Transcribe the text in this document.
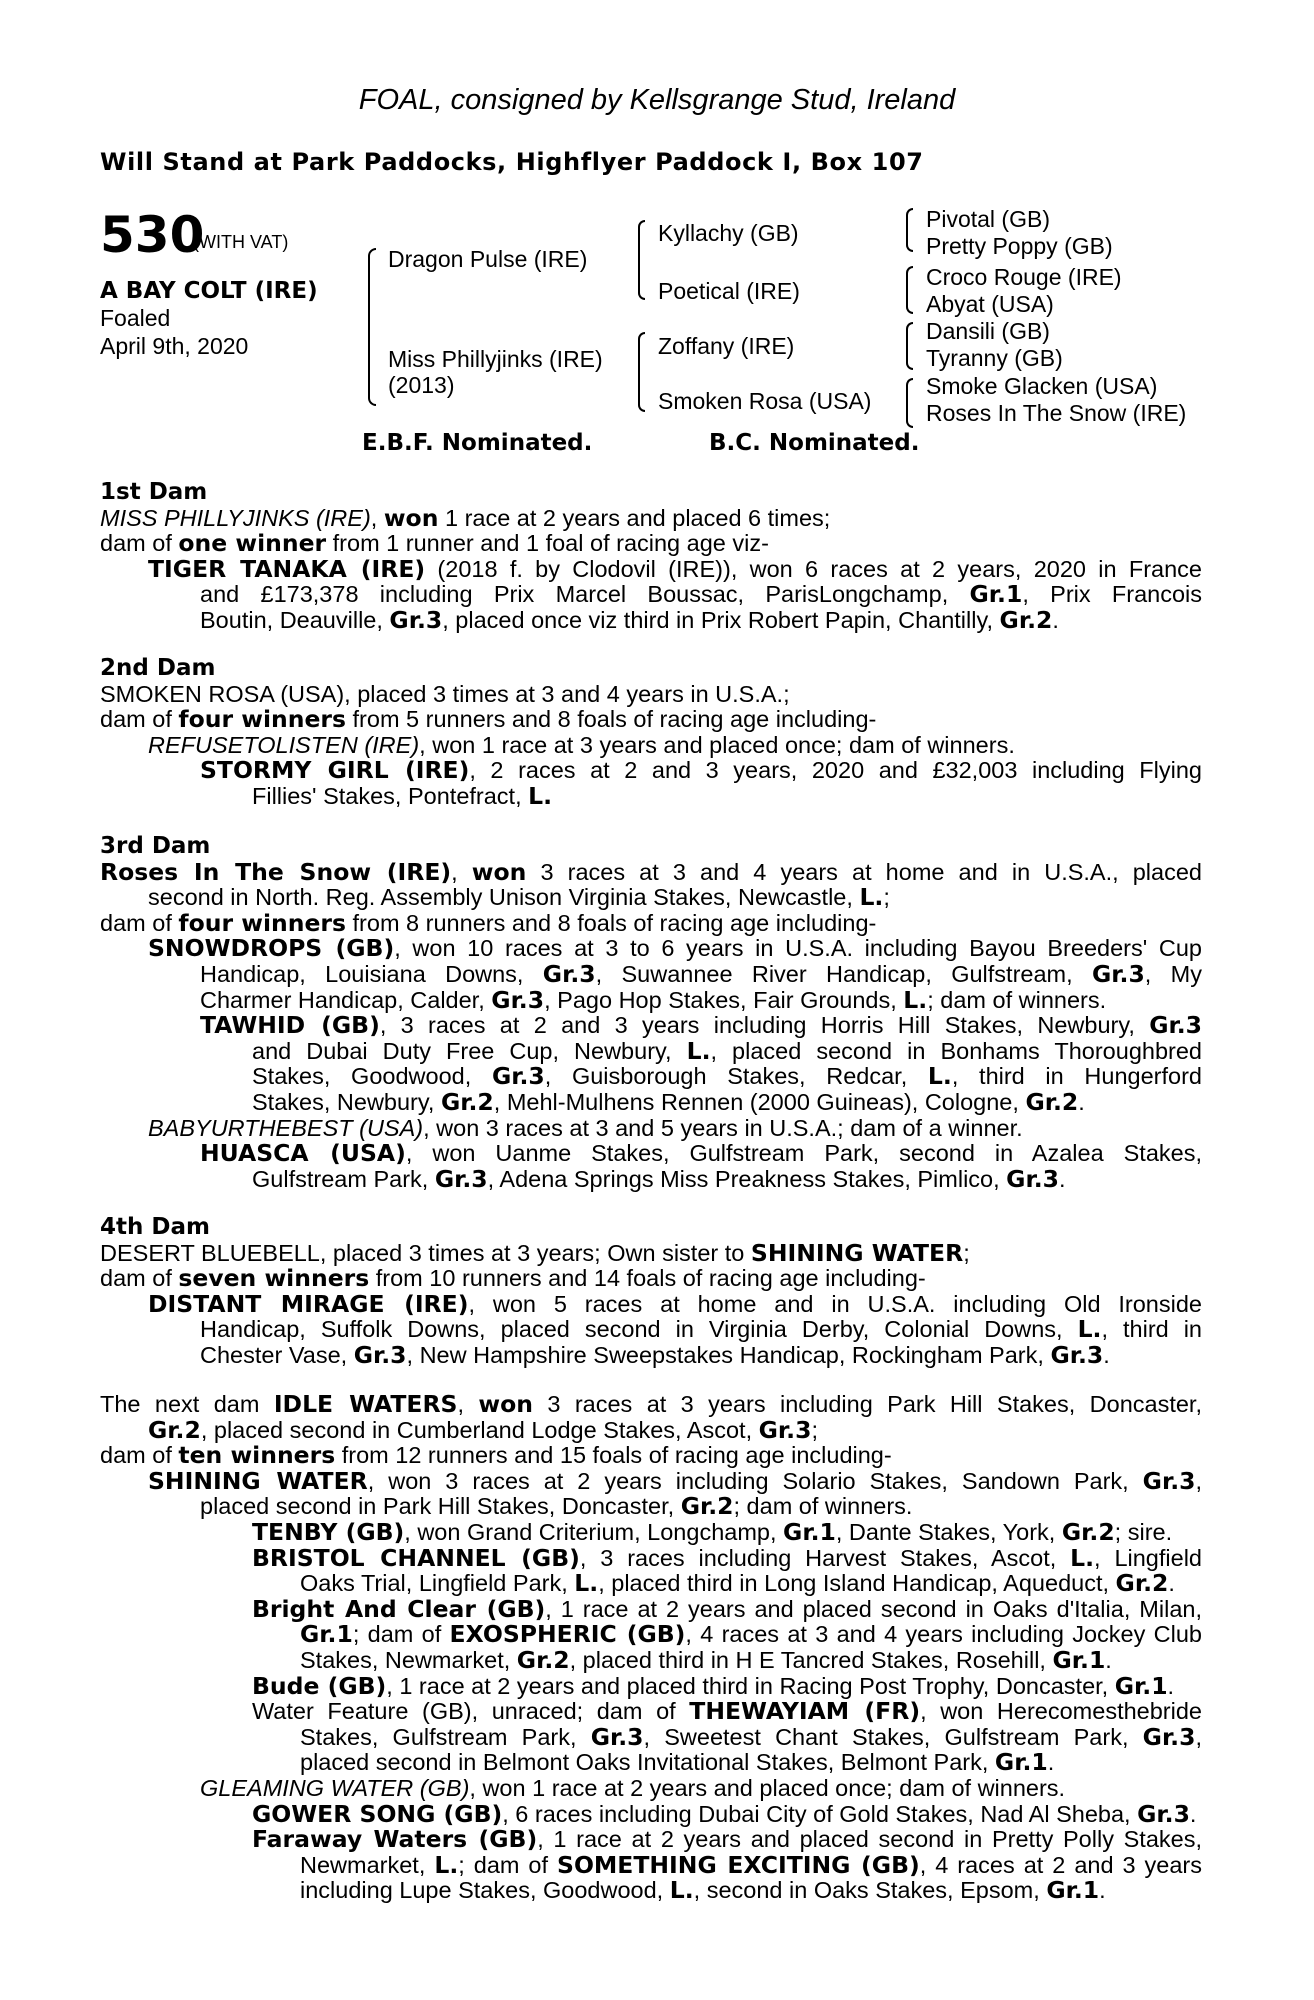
FOAL, consigned by Kellsgrange Stud, Ireland
Will Stand at Park Paddocks, Highflyer Paddock I, Box 107
530
(WITH VAT)
A BAY COLT (IRE)
Foaled
April 9th, 2020
Dragon Pulse (IRE)
Miss Phillyjinks (IRE)
(2013)
Kyllachy (GB)
Poetical (IRE)
Zoffany (IRE)
Smoken Rosa (USA)
Pivotal (GB)
Pretty Poppy (GB)
Croco Rouge (IRE)
Abyat (USA)
Dansili (GB)
Tyranny (GB)
Smoke Glacken (USA)
Roses In The Snow (IRE)
E.B.F. Nominated.	B.C. Nominated.
1st Dam
MISS PHILLYJINKS (IRE), won 1 race at 2 years and placed 6 times;
dam of one winner from 1 runner and 1 foal of racing age viz-
TIGER TANAKA (IRE) (2018 f. by Clodovil (IRE)), won 6 races at 2 years, 2020 in France
and £173,378 including Prix Marcel Boussac, ParisLongchamp, Gr.1, Prix Francois
Boutin, Deauville, Gr.3, placed once viz third in Prix Robert Papin, Chantilly, Gr.2.
2nd Dam
SMOKEN ROSA (USA), placed 3 times at 3 and 4 years in U.S.A.;
dam of four winners from 5 runners and 8 foals of racing age including-
REFUSETOLISTEN (IRE), won 1 race at 3 years and placed once; dam of winners.
STORMY GIRL (IRE), 2 races at 2 and 3 years, 2020 and £32,003 including Flying
Fillies' Stakes, Pontefract, L.
3rd Dam
Roses In The Snow (IRE), won 3 races at 3 and 4 years at home and in U.S.A., placed
second in North. Reg. Assembly Unison Virginia Stakes, Newcastle, L.;
dam of four winners from 8 runners and 8 foals of racing age including-
SNOWDROPS (GB), won 10 races at 3 to 6 years in U.S.A. including Bayou Breeders' Cup
Handicap, Louisiana Downs, Gr.3, Suwannee River Handicap, Gulfstream, Gr.3, My
Charmer Handicap, Calder, Gr.3, Pago Hop Stakes, Fair Grounds, L.; dam of winners.
TAWHID (GB), 3 races at 2 and 3 years including Horris Hill Stakes, Newbury, Gr.3
and Dubai Duty Free Cup, Newbury, L., placed second in Bonhams Thoroughbred
Stakes, Goodwood, Gr.3, Guisborough Stakes, Redcar, L., third in Hungerford
Stakes, Newbury, Gr.2, Mehl-Mulhens Rennen (2000 Guineas), Cologne, Gr.2.
BABYURTHEBEST (USA), won 3 races at 3 and 5 years in U.S.A.; dam of a winner.
HUASCA (USA), won Uanme Stakes, Gulfstream Park, second in Azalea Stakes,
Gulfstream Park, Gr.3, Adena Springs Miss Preakness Stakes, Pimlico, Gr.3.
4th Dam
DESERT BLUEBELL, placed 3 times at 3 years; Own sister to SHINING WATER;
dam of seven winners from 10 runners and 14 foals of racing age including-
DISTANT MIRAGE (IRE), won 5 races at home and in U.S.A. including Old Ironside
Handicap, Suffolk Downs, placed second in Virginia Derby, Colonial Downs, L., third in
Chester Vase, Gr.3, New Hampshire Sweepstakes Handicap, Rockingham Park, Gr.3.
The next dam IDLE WATERS, won 3 races at 3 years including Park Hill Stakes, Doncaster,
Gr.2, placed second in Cumberland Lodge Stakes, Ascot, Gr.3;
dam of ten winners from 12 runners and 15 foals of racing age including-
SHINING WATER, won 3 races at 2 years including Solario Stakes, Sandown Park, Gr.3,
placed second in Park Hill Stakes, Doncaster, Gr.2; dam of winners.
TENBY (GB), won Grand Criterium, Longchamp, Gr.1, Dante Stakes, York, Gr.2; sire.
BRISTOL CHANNEL (GB), 3 races including Harvest Stakes, Ascot, L., Lingfield
Oaks Trial, Lingfield Park, L., placed third in Long Island Handicap, Aqueduct, Gr.2.
Bright And Clear (GB), 1 race at 2 years and placed second in Oaks d'Italia, Milan,
Gr.1; dam of EXOSPHERIC (GB), 4 races at 3 and 4 years including Jockey Club
Stakes, Newmarket, Gr.2, placed third in H E Tancred Stakes, Rosehill, Gr.1.
Bude (GB), 1 race at 2 years and placed third in Racing Post Trophy, Doncaster, Gr.1.
Water Feature (GB), unraced; dam of THEWAYIAM (FR), won Herecomesthebride
Stakes, Gulfstream Park, Gr.3, Sweetest Chant Stakes, Gulfstream Park, Gr.3,
placed second in Belmont Oaks Invitational Stakes, Belmont Park, Gr.1.
GLEAMING WATER (GB), won 1 race at 2 years and placed once; dam of winners.
GOWER SONG (GB), 6 races including Dubai City of Gold Stakes, Nad Al Sheba, Gr.3.
Faraway Waters (GB), 1 race at 2 years and placed second in Pretty Polly Stakes,
Newmarket, L.; dam of SOMETHING EXCITING (GB), 4 races at 2 and 3 years
including Lupe Stakes, Goodwood, L., second in Oaks Stakes, Epsom, Gr.1.
